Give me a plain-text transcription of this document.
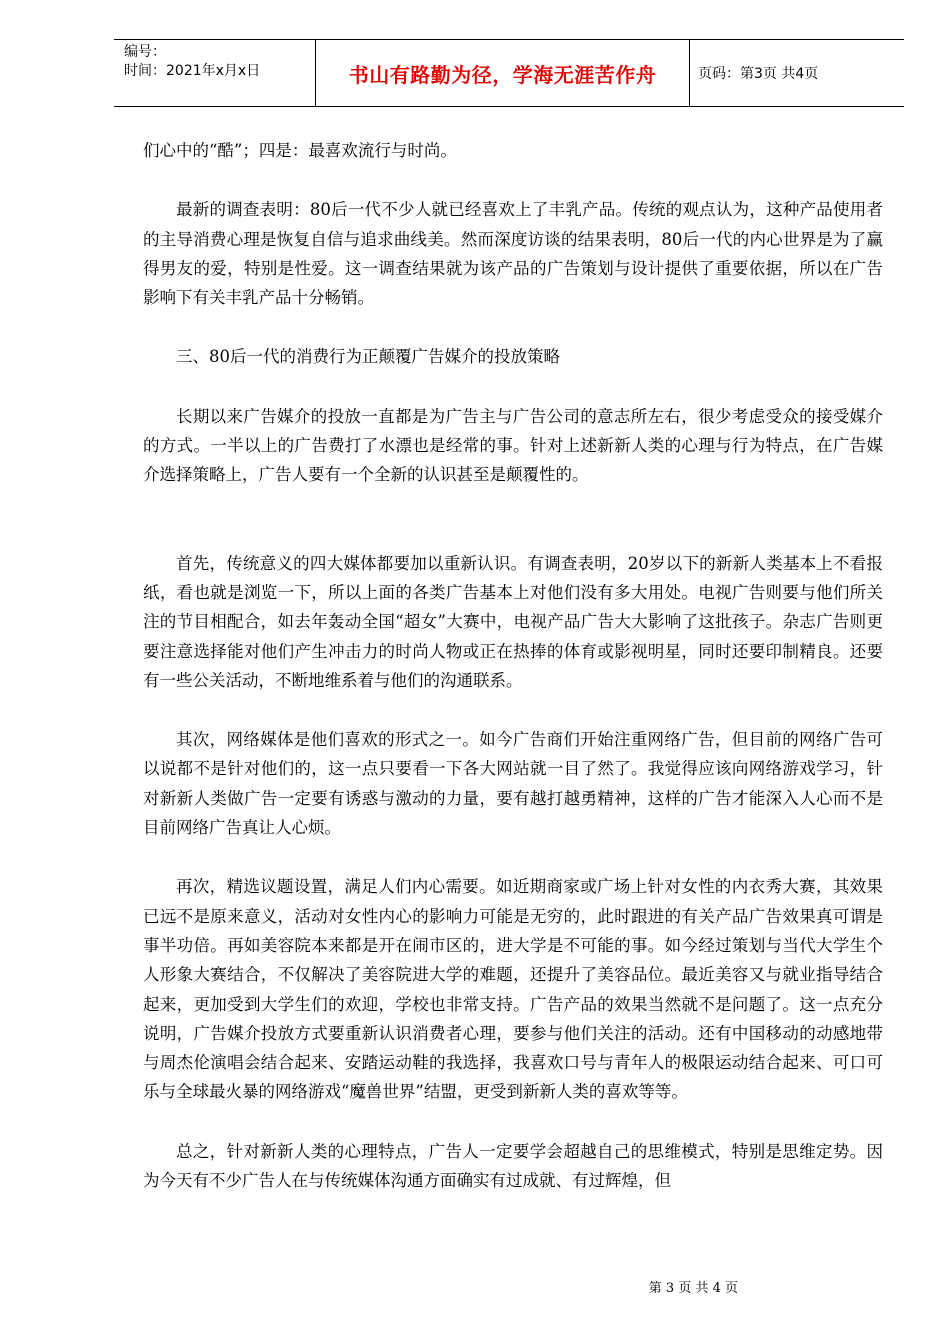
编号：
时间：2021年x月x日	书山有路勤为径，学海无涯苦作舟	页码：第3页 共4页

们心中的“酷”；四是：最喜欢流行与时尚。

最新的调查表明：80后一代不少人就已经喜欢上了丰乳产品。传统的观点认为，这种产品使用者的主导消费心理是恢复自信与追求曲线美。然而深度访谈的结果表明，80后一代的内心世界是为了赢得男友的爱，特别是性爱。这一调查结果就为该产品的广告策划与设计提供了重要依据，所以在广告影响下有关丰乳产品十分畅销。

三、80后一代的消费行为正颠覆广告媒介的投放策略

长期以来广告媒介的投放一直都是为广告主与广告公司的意志所左右，很少考虑受众的接受媒介的方式。一半以上的广告费打了水漂也是经常的事。针对上述新新人类的心理与行为特点，在广告媒介选择策略上，广告人要有一个全新的认识甚至是颠覆性的。

首先，传统意义的四大媒体都要加以重新认识。有调查表明，20岁以下的新新人类基本上不看报纸，看也就是浏览一下，所以上面的各类广告基本上对他们没有多大用处。电视广告则要与他们所关注的节目相配合，如去年轰动全国“超女”大赛中，电视产品广告大大影响了这批孩子。杂志广告则更要注意选择能对他们产生冲击力的时尚人物或正在热捧的体育或影视明星，同时还要印制精良。还要有一些公关活动，不断地维系着与他们的沟通联系。

其次，网络媒体是他们喜欢的形式之一。如今广告商们开始注重网络广告，但目前的网络广告可以说都不是针对他们的，这一点只要看一下各大网站就一目了然了。我觉得应该向网络游戏学习，针对新新人类做广告一定要有诱惑与激动的力量，要有越打越勇精神，这样的广告才能深入人心而不是目前网络广告真让人心烦。

再次，精选议题设置，满足人们内心需要。如近期商家或广场上针对女性的内衣秀大赛，其效果已远不是原来意义，活动对女性内心的影响力可能是无穷的，此时跟进的有关产品广告效果真可谓是事半功倍。再如美容院本来都是开在闹市区的，进大学是不可能的事。如今经过策划与当代大学生个人形象大赛结合，不仅解决了美容院进大学的难题，还提升了美容品位。最近美容又与就业指导结合起来，更加受到大学生们的欢迎，学校也非常支持。广告产品的效果当然就不是问题了。这一点充分说明，广告媒介投放方式要重新认识消费者心理，要参与他们关注的活动。还有中国移动的动感地带与周杰伦演唱会结合起来、安踏运动鞋的我选择，我喜欢口号与青年人的极限运动结合起来、可口可乐与全球最火暴的网络游戏“魔兽世界”结盟，更受到新新人类的喜欢等等。

总之，针对新新人类的心理特点，广告人一定要学会超越自己的思维模式，特别是思维定势。因为今天有不少广告人在与传统媒体沟通方面确实有过成就、有过辉煌，但

第 3 页 共 4 页
